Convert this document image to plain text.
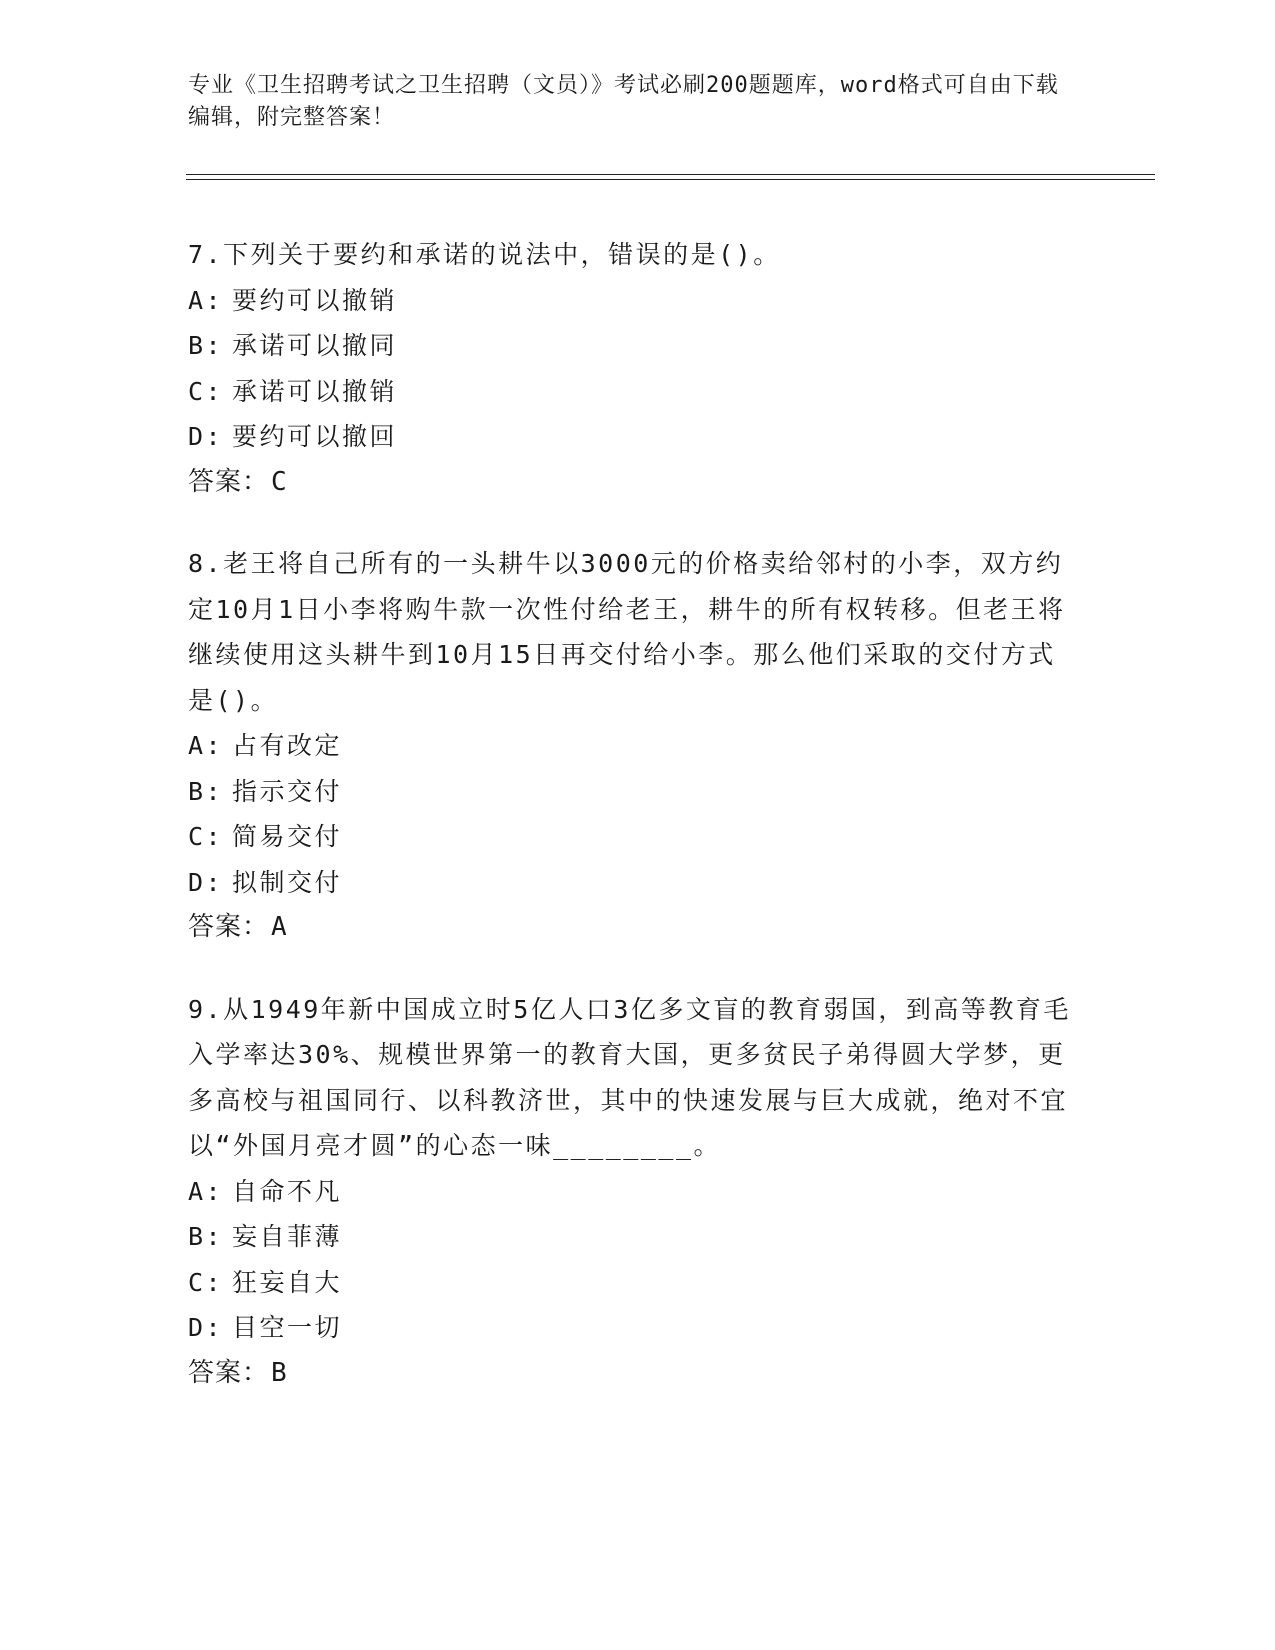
专业《卫生招聘考试之卫生招聘（文员）》考试必刷200题题库，word格式可自由下载编辑，附完整答案！

7.下列关于要约和承诺的说法中，错误的是()。

A: 要约可以撤销

B: 承诺可以撤同

C: 承诺可以撤销

D: 要约可以撤回

答案：C

8.老王将自己所有的一头耕牛以3000元的价格卖给邻村的小李，双方约定10月1日小李将购牛款一次性付给老王，耕牛的所有权转移。但老王将继续使用这头耕牛到10月15日再交付给小李。那么他们采取的交付方式是()。

A: 占有改定

B: 指示交付

C: 简易交付

D: 拟制交付

答案：A

9.从1949年新中国成立时5亿人口3亿多文盲的教育弱国，到高等教育毛入学率达30%、规模世界第一的教育大国，更多贫民子弟得圆大学梦，更多高校与祖国同行、以科教济世，其中的快速发展与巨大成就，绝对不宜以“外国月亮才圆”的心态一味________。

A: 自命不凡

B: 妄自菲薄

C: 狂妄自大

D: 目空一切

答案：B
